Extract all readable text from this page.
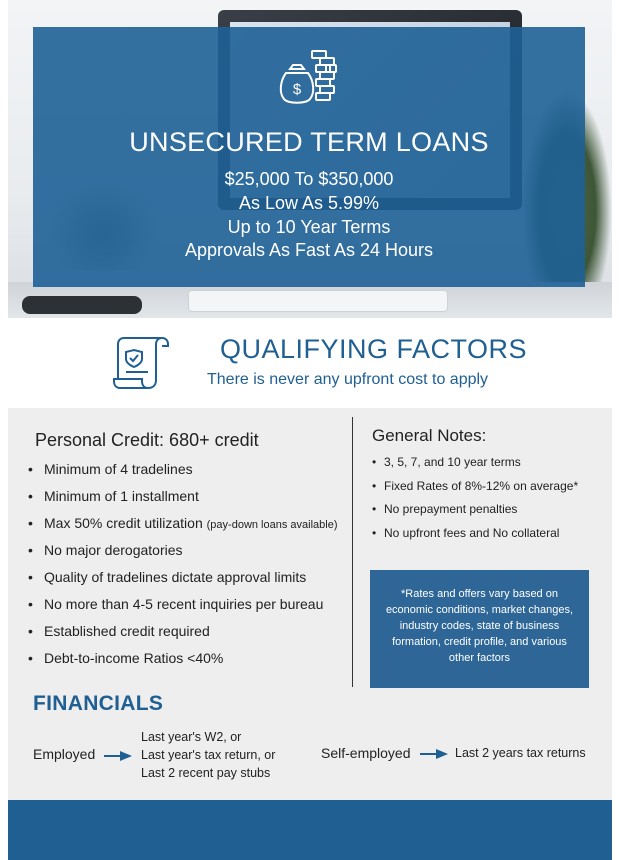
$
UNSECURED TERM LOANS
$25,000 To $350,000
As Low As 5.99%
Up to 10 Year Terms
Approvals As Fast As 24 Hours
QUALIFYING FACTORS
There is never any upfront cost to apply
Personal Credit: 680+ credit
• Minimum of 4 tradelines
• Minimum of 1 installment
• Max 50% credit utilization (pay-down loans available)
• No major derogatories
• Quality of tradelines dictate approval limits
• No more than 4-5 recent inquiries per bureau
• Established credit required
• Debt-to-income Ratios <40%
General Notes:
• 3, 5, 7, and 10 year terms
• Fixed Rates of 8%-12% on average*
• No prepayment penalties
• No upfront fees and No collateral
*Rates and offers vary based on economic conditions, market changes, industry codes, state of business formation, credit profile, and various other factors
FINANCIALS
Employed
Last year's W2, or
Last year's tax return, or
Last 2 recent pay stubs
Self-employed	Last 2 years tax returns
